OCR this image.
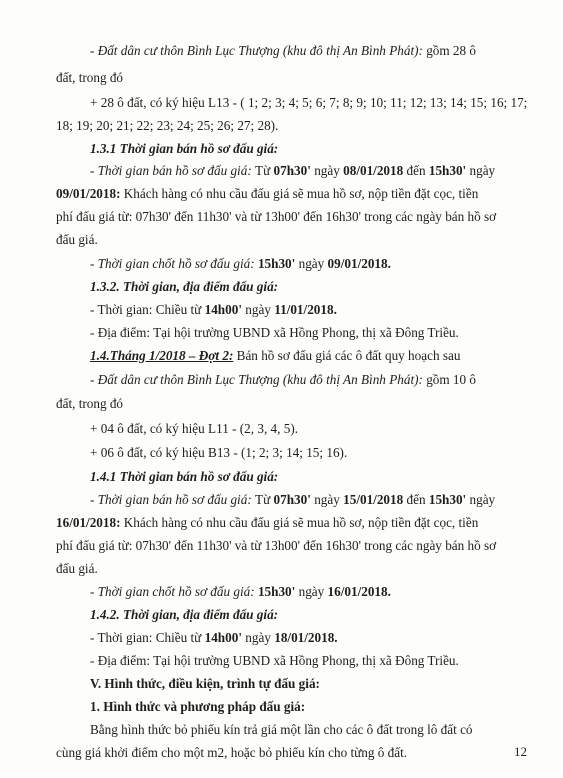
12
- Đất dân cư thôn Bình Lục Thượng (khu đô thị An Bình Phát): gồm 28 ô
đất, trong đó
+ 28 ô đất, có ký hiệu L13 - ( 1; 2; 3; 4; 5; 6; 7; 8; 9; 10; 11; 12; 13; 14; 15; 16; 17;
18; 19; 20; 21; 22; 23; 24; 25; 26; 27; 28).
1.3.1 Thời gian bán hồ sơ đấu giá:
- Thời gian bán hồ sơ đấu giá: Từ 07h30' ngày 08/01/2018 đến 15h30' ngày
09/01/2018: Khách hàng có nhu cầu đấu giá sẽ mua hồ sơ, nộp tiền đặt cọc, tiền
phí đấu giá từ: 07h30' đến 11h30' và từ 13h00' đến 16h30' trong các ngày bán hồ sơ
đấu giá.
- Thời gian chốt hồ sơ đấu giá: 15h30' ngày 09/01/2018.
1.3.2. Thời gian, địa điểm đấu giá:
- Thời gian: Chiều từ 14h00' ngày 11/01/2018.
- Địa điểm: Tại hội trường UBND xã Hồng Phong, thị xã Đông Triều.
1.4.Tháng 1/2018 – Đợt 2: Bán hồ sơ đấu giá các ô đất quy hoạch sau
- Đất dân cư thôn Bình Lục Thượng (khu đô thị An Bình Phát): gồm 10 ô
đất, trong đó
+ 04 ô đất, có ký hiệu L11 - (2, 3, 4, 5).
+ 06 ô đất, có ký hiệu B13 - (1; 2; 3; 14; 15; 16).
1.4.1 Thời gian bán hồ sơ đấu giá:
- Thời gian bán hồ sơ đấu giá: Từ 07h30' ngày 15/01/2018 đến 15h30' ngày
16/01/2018: Khách hàng có nhu cầu đấu giá sẽ mua hồ sơ, nộp tiền đặt cọc, tiền
phí đấu giá từ: 07h30' đến 11h30' và từ 13h00' đến 16h30' trong các ngày bán hồ sơ
đấu giá.
- Thời gian chốt hồ sơ đấu giá: 15h30' ngày 16/01/2018.
1.4.2. Thời gian, địa điểm đấu giá:
- Thời gian: Chiều từ 14h00' ngày 18/01/2018.
- Địa điểm: Tại hội trường UBND xã Hồng Phong, thị xã Đông Triều.
V. Hình thức, điều kiện, trình tự đấu giá:
1. Hình thức và phương pháp đấu giá:
Bằng hình thức bỏ phiếu kín trả giá một lần cho các ô đất trong lô đất có
cùng giá khởi điểm cho một m2, hoặc bỏ phiếu kín cho từng ô đất.
